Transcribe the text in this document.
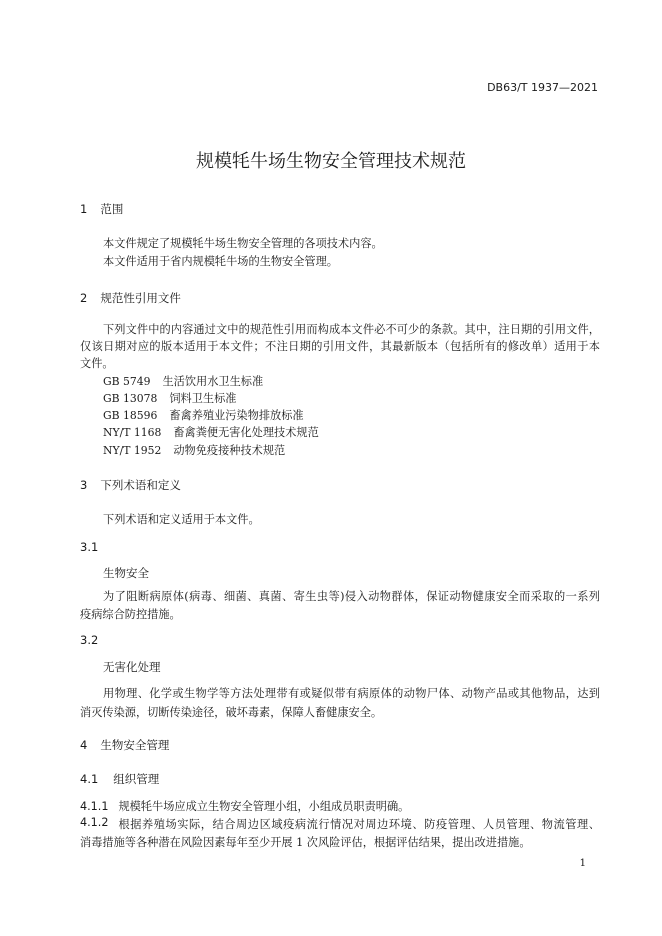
DB63/T 1937—2021
规模牦牛场生物安全管理技术规范
1 范围
本文件规定了规模牦牛场生物安全管理的各项技术内容。
本文件适用于省内规模牦牛场的生物安全管理。
2 规范性引用文件
下列文件中的内容通过文中的规范性引用而构成本文件必不可少的条款。其中，注日期的引用文件，
仅该日期对应的版本适用于本文件；不注日期的引用文件，其最新版本（包括所有的修改单）适用于本
文件。
GB 5749 生活饮用水卫生标准
GB 13078 饲料卫生标准
GB 18596 畜禽养殖业污染物排放标准
NY/T 1168 畜禽粪便无害化处理技术规范
NY/T 1952 动物免疫接种技术规范
3 下列术语和定义
下列术语和定义适用于本文件。
3.1
生物安全
为了阻断病原体(病毒、细菌、真菌、寄生虫等)侵入动物群体，保证动物健康安全而采取的一系列
疫病综合防控措施。
3.2
无害化处理
用物理、化学或生物学等方法处理带有或疑似带有病原体的动物尸体、动物产品或其他物品，达到
消灭传染源，切断传染途径，破坏毒素，保障人畜健康安全。
4 生物安全管理
4.1 组织管理
4.1.1 规模牦牛场应成立生物安全管理小组，小组成员职责明确。
4.1.2 根据养殖场实际，结合周边区域疫病流行情况对周边环境、防疫管理、人员管理、物流管理、
消毒措施等各种潜在风险因素每年至少开展 1 次风险评估，根据评估结果，提出改进措施。
1
